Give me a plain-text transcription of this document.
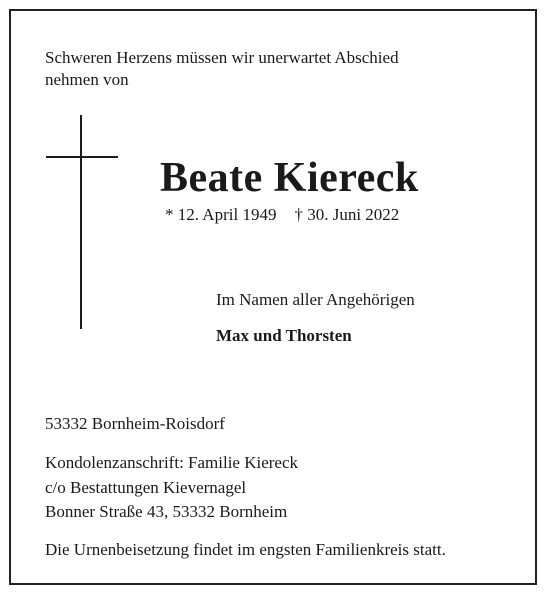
Schweren Herzens müssen wir unerwartet Abschied
nehmen von

Beate Kiereck

* 12. April 1949 † 30. Juni 2022

Im Namen aller Angehörigen

Max und Thorsten

53332 Bornheim-Roisdorf

Kondolenzanschrift: Familie Kiereck

c/o Bestattungen Kievernagel

Bonner Straße 43, 53332 Bornheim

Die Urnenbeisetzung findet im engsten Familienkreis statt.
